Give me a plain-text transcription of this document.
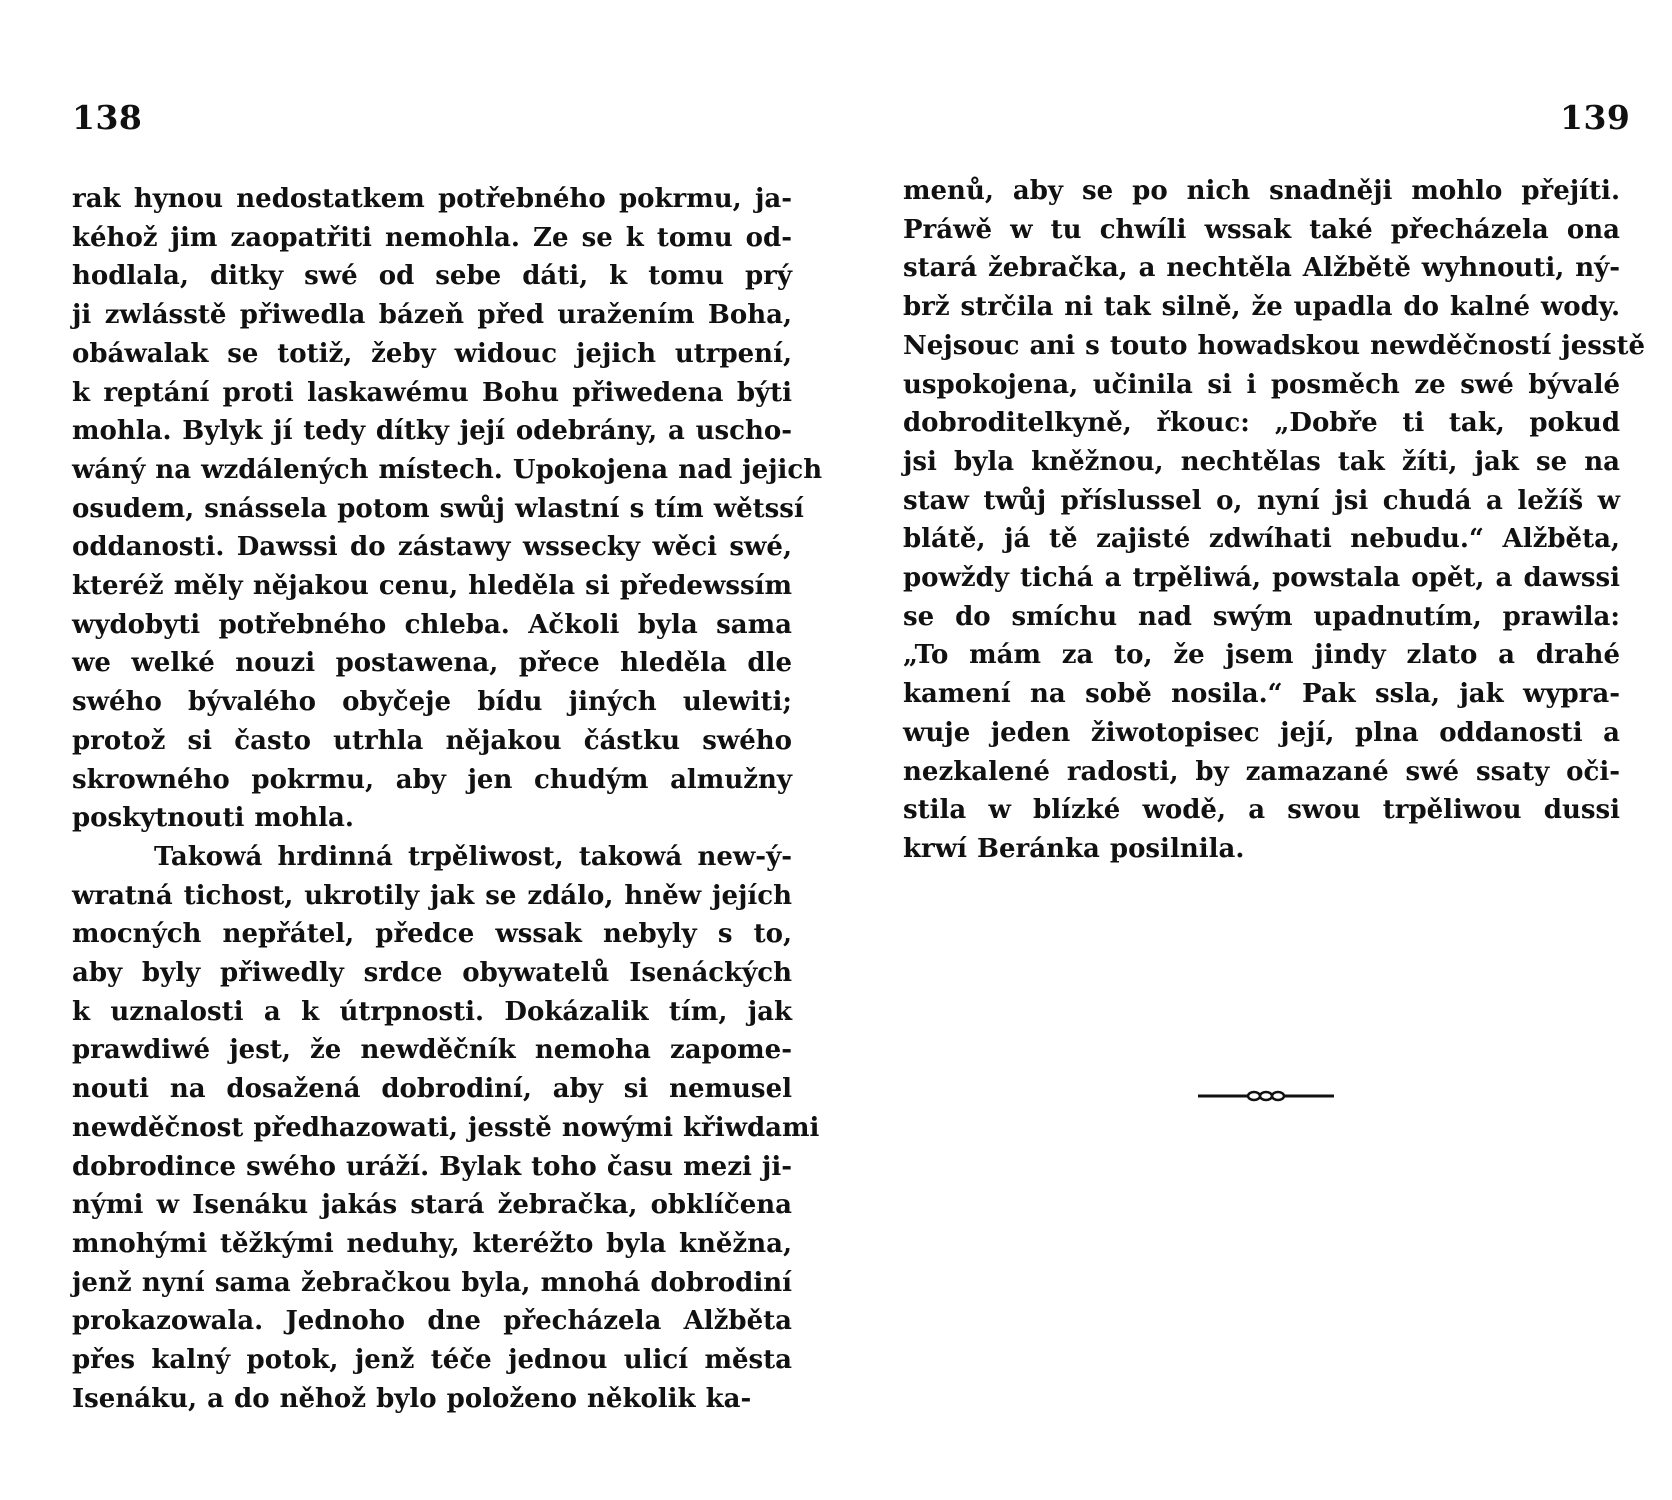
138
rak hynou nedostatkem potřebného pokrmu, ja-
kéhož jim zaopatřiti nemohla. Ze se k tomu od-
hodlala, ditky swé od sebe dáti, k tomu prý
ji zwlásstě přiwedla bázeň před uražením Boha,
obáwalak se totiž, žeby widouc jejich utrpení,
k reptání proti laskawému Bohu přiwedena býti
mohla. Bylyk jí tedy dítky její odebrány, a uscho-
wáný na wzdálených místech. Upokojena nad jejich
osudem, snássela potom swůj wlastní s tím wětssí
oddanosti. Dawssi do zástawy wssecky wěci swé,
kteréž měly nějakou cenu, hleděla si předewssím
wydobyti potřebného chleba. Ačkoli byla sama
we welké nouzi postawena, přece hleděla dle
swého bývalého obyčeje bídu jiných ulewiti;
protož si často utrhla nějakou částku swého
skrowného pokrmu, aby jen chudým almužny
poskytnouti mohla.
Takowá hrdinná trpěliwost, takowá new-ý-
wratná tichost, ukrotily jak se zdálo, hněw jejích
mocných nepřátel, předce wssak nebyly s to,
aby byly přiwedly srdce obywatelů Isenáckých
k uznalosti a k útrpnosti. Dokázalik tím, jak
prawdiwé jest, že newděčník nemoha zapome-
nouti na dosažená dobrodiní, aby si nemusel
newděčnost předhazowati, jesstě nowými křiwdami
dobrodince swého uráží. Bylak toho času mezi ji-
nými w Isenáku jakás stará žebračka, obklíčena
mnohými těžkými neduhy, kteréžto byla kněžna,
jenž nyní sama žebračkou byla, mnohá dobrodiní
prokazowala. Jednoho dne přecházela Alžběta
přes kalný potok, jenž téče jednou ulicí města
Isenáku, a do něhož bylo položeno několik ka-
139
menů, aby se po nich snadněji mohlo přejíti.
Práwě w tu chwíli wssak také přecházela ona
stará žebračka, a nechtěla Alžbětě wyhnouti, ný-
brž strčila ni tak silně, že upadla do kalné wody.
Nejsouc ani s touto howadskou newděčností jesstě
uspokojena, učinila si i posměch ze swé bývalé
dobroditelkyně, řkouc: „Dobře ti tak, pokud
jsi byla kněžnou, nechtělas tak žíti, jak se na
staw twůj příslussel o, nyní jsi chudá a ležíš w
blátě, já tě zajisté zdwíhati nebudu.“ Alžběta,
powždy tichá a trpěliwá, powstala opět, a dawssi
se do smíchu nad swým upadnutím, prawila:
„To mám za to, že jsem jindy zlato a drahé
kamení na sobě nosila.“ Pak ssla, jak wypra-
wuje jeden žiwotopisec její, plna oddanosti a
nezkalené radosti, by zamazané swé ssaty oči-
stila w blízké wodě, a swou trpěliwou dussi
krwí Beránka posilnila.
